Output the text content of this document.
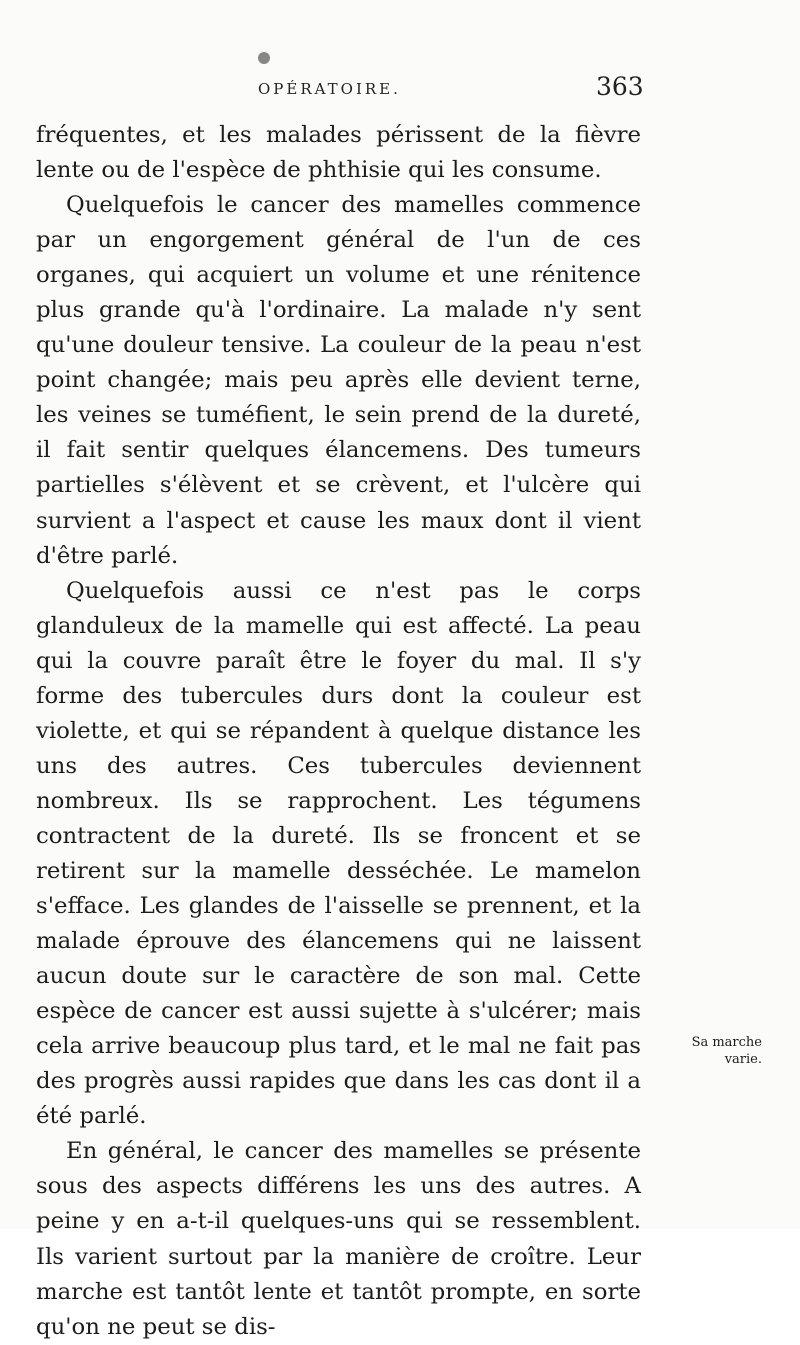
OPÉRATOIRE.	363

fréquentes, et les malades périssent de la fièvre lente ou de l'espèce de phthisie qui les consume.

Quelquefois le cancer des mamelles commence par un engorgement général de l'un de ces organes, qui acquiert un volume et une rénitence plus grande qu'à l'ordinaire. La malade n'y sent qu'une douleur tensive. La couleur de la peau n'est point changée; mais peu après elle devient terne, les veines se tuméfient, le sein prend de la dureté, il fait sentir quelques élancemens. Des tumeurs partielles s'élèvent et se crèvent, et l'ulcère qui survient a l'aspect et cause les maux dont il vient d'être parlé.

Quelquefois aussi ce n'est pas le corps glanduleux de la mamelle qui est affecté. La peau qui la couvre paraît être le foyer du mal. Il s'y forme des tubercules durs dont la couleur est violette, et qui se répandent à quelque distance les uns des autres. Ces tubercules deviennent nombreux. Ils se rapprochent. Les tégumens contractent de la dureté. Ils se froncent et se retirent sur la mamelle desséchée. Le mamelon s'efface. Les glandes de l'aisselle se prennent, et la malade éprouve des élancemens qui ne laissent aucun doute sur le caractère de son mal. Cette espèce de cancer est aussi sujette à s'ulcérer; mais cela arrive beaucoup plus tard, et le mal ne fait pas des progrès aussi rapides que dans les cas dont il a été parlé.

En général, le cancer des mamelles se présente sous des aspects différens les uns des autres. A peine y en a-t-il quelques-uns qui se ressemblent. Ils varient surtout par la manière de croître. Leur marche est tantôt lente et tantôt prompte, en sorte qu'on ne peut se dis-

Sa marche
varie.
